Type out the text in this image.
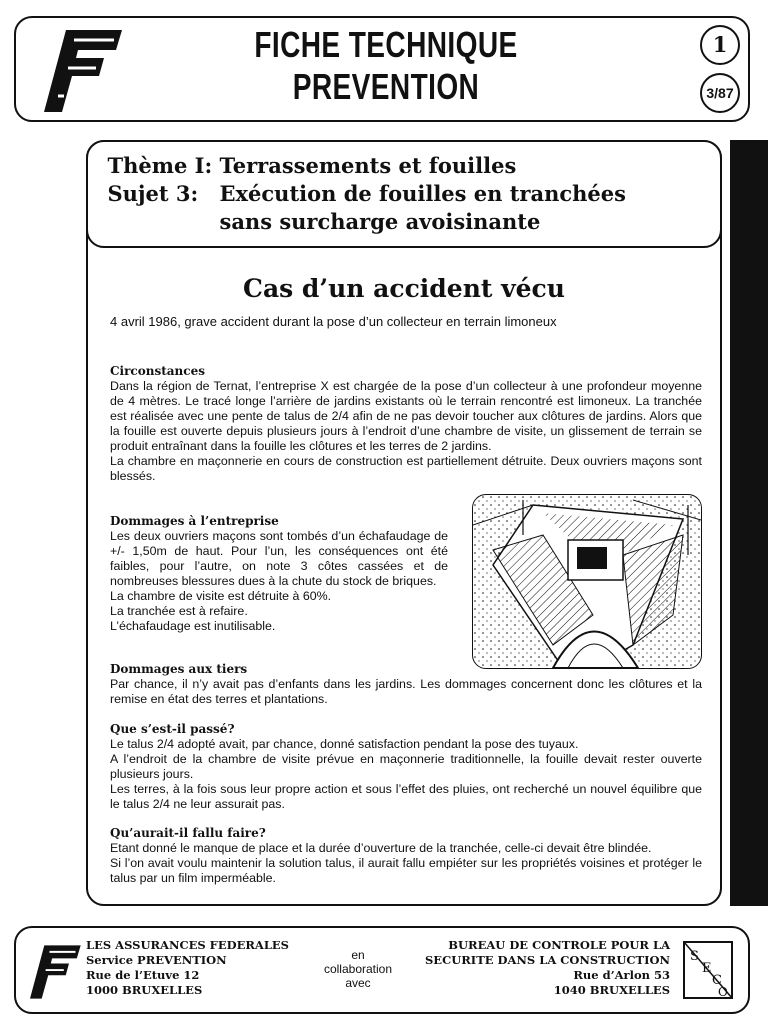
FICHE TECHNIQUE
PREVENTION
1
3/87
Thème I: Terrassements et fouilles
Sujet 3: Exécution de fouilles en tranchées
sans surcharge avoisinante
Cas d’un accident vécu
4 avril 1986, grave accident durant la pose d’un collecteur en terrain limoneux
Circonstances

Dans la région de Ternat, l’entreprise X est chargée de la pose d’un collecteur à une profondeur moyenne de 4 mètres. Le tracé longe l’arrière de jardins existants où le terrain rencontré est limoneux. La tranchée est réalisée avec une pente de talus de 2/4 afin de ne pas devoir toucher aux clôtures de jardins. Alors que la fouille est ouverte depuis plusieurs jours à l’endroit d’une chambre de visite, un glissement de terrain se produit entraînant dans la fouille les clôtures et les terres de 2 jardins.

La chambre en maçonnerie en cours de construction est partiellement détruite. Deux ouvriers maçons sont blessés.

Dommages à l’entreprise

Les deux ouvriers maçons sont tombés d’un échafaudage de +/- 1,50m de haut. Pour l’un, les conséquences ont été faibles, pour l’autre, on note 3 côtes cassées et de nombreuses blessures dues à la chute du stock de briques.

La chambre de visite est détruite à 60%.

La tranchée est à refaire.

L’échafaudage est inutilisable.

Dommages aux tiers

Par chance, il n’y avait pas d’enfants dans les jardins. Les dommages concernent donc les clôtures et la remise en état des terres et plantations.

Que s’est-il passé?

Le talus 2/4 adopté avait, par chance, donné satisfaction pendant la pose des tuyaux.

A l’endroit de la chambre de visite prévue en maçonnerie traditionnelle, la fouille devait rester ouverte plusieurs jours.

Les terres, à la fois sous leur propre action et sous l’effet des pluies, ont recherché un nouvel équilibre que le talus 2/4 ne leur assurait pas.

Qu’aurait-il fallu faire?

Etant donné le manque de place et la durée d’ouverture de la tranchée, celle-ci devait être blindée.

Si l’on avait voulu maintenir la solution talus, il aurait fallu empiéter sur les propriétés voisines et protéger le talus par un film imperméable.

LES ASSURANCES FEDERALES
Service PREVENTION
Rue de l’Etuve 12
1000 BRUXELLES
en
collaboration
avec
BUREAU DE CONTROLE POUR LA
SECURITE DANS LA CONSTRUCTION
Rue d’Arlon 53
1040 BRUXELLES
S
E
C
O
